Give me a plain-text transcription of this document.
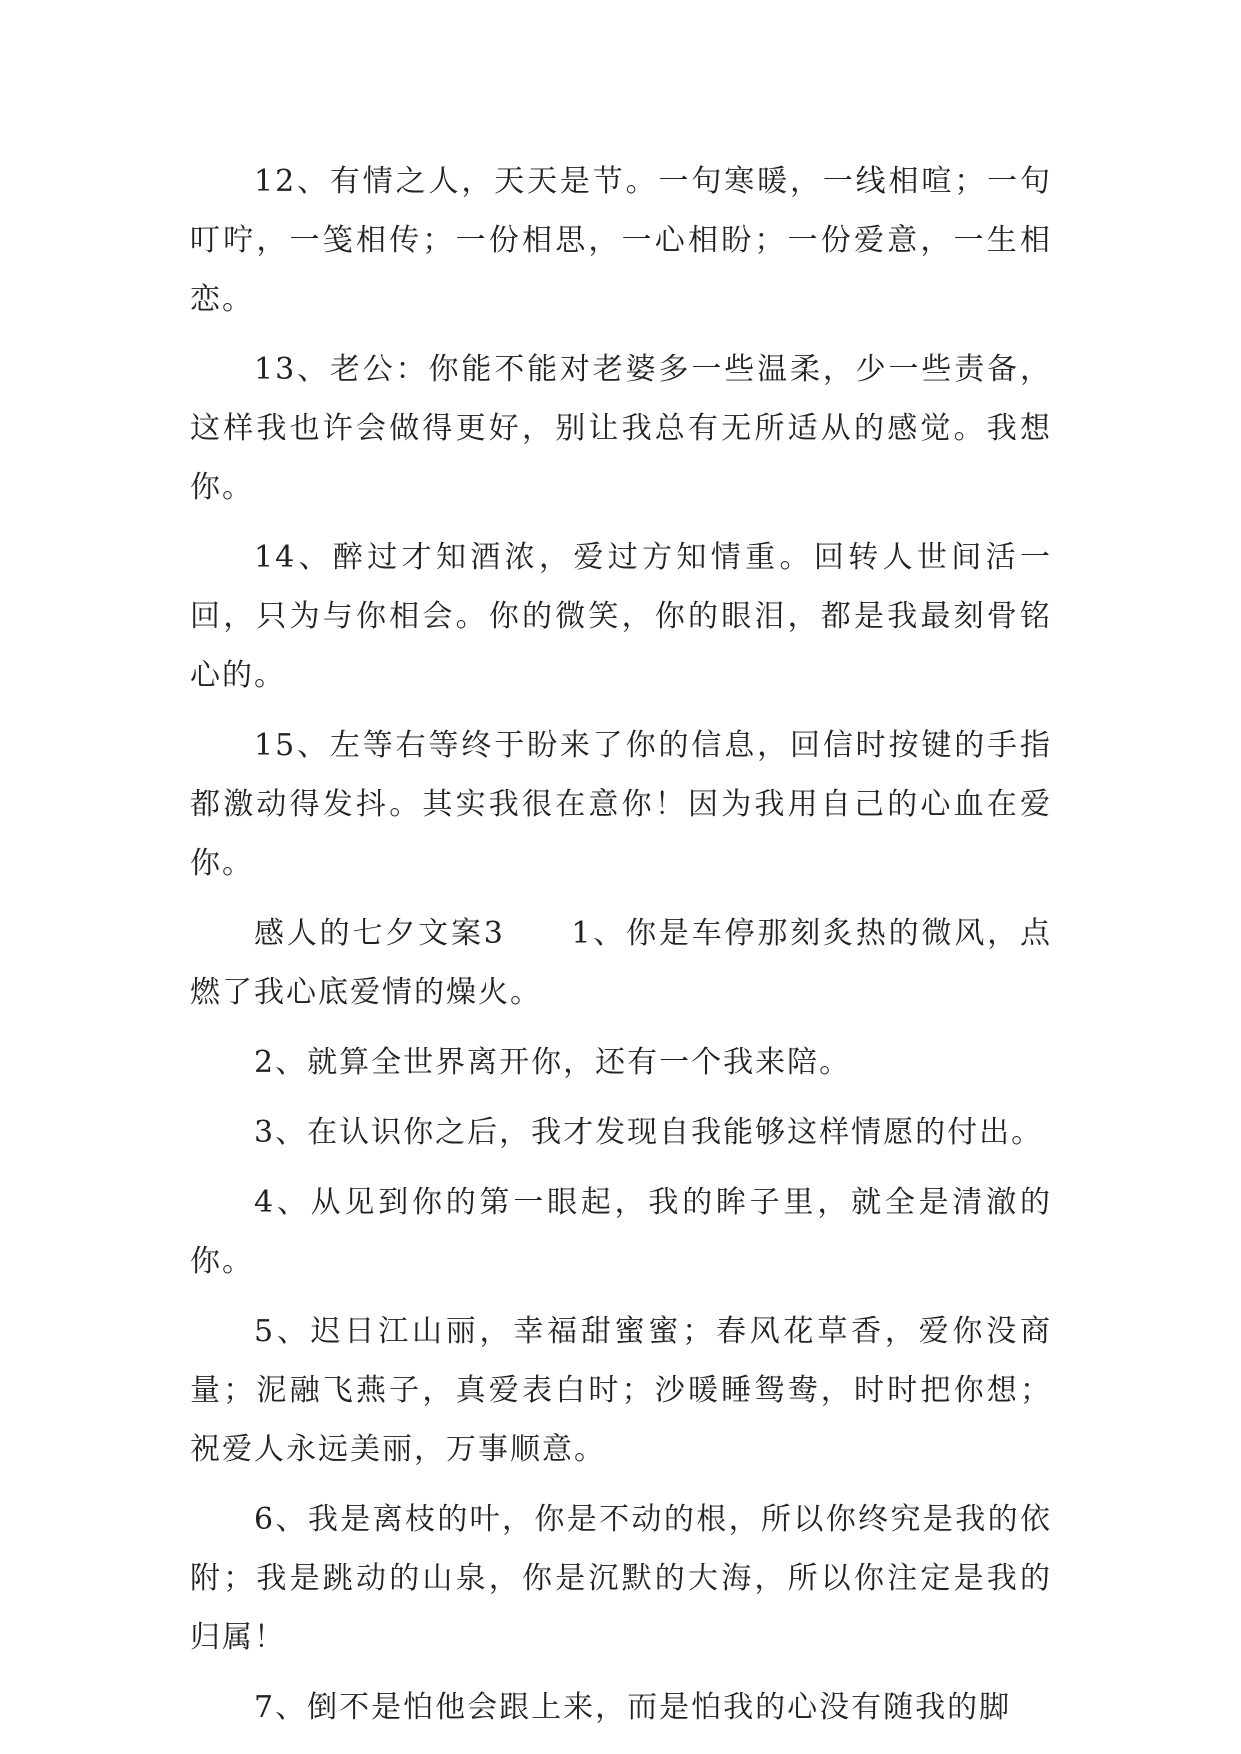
12、有情之人，天天是节。一句寒暖，一线相喧；一句叮咛，一笺相传；一份相思，一心相盼；一份爱意，一生相恋。

13、老公：你能不能对老婆多一些温柔，少一些责备，这样我也许会做得更好，别让我总有无所适从的感觉。我想你。

14、醉过才知酒浓，爱过方知情重。回转人世间活一回，只为与你相会。你的微笑，你的眼泪，都是我最刻骨铭心的。

15、左等右等终于盼来了你的信息，回信时按键的手指都激动得发抖。其实我很在意你！因为我用自己的心血在爱你。

感人的七夕文案3　　1、你是车停那刻炙热的微风，点燃了我心底爱情的燥火。

2、就算全世界离开你，还有一个我来陪。

3、在认识你之后，我才发现自我能够这样情愿的付出。

4、从见到你的第一眼起，我的眸子里，就全是清澈的你。

5、迟日江山丽，幸福甜蜜蜜；春风花草香，爱你没商量；泥融飞燕子，真爱表白时；沙暖睡鸳鸯，时时把你想；祝爱人永远美丽，万事顺意。

6、我是离枝的叶，你是不动的根，所以你终究是我的依附；我是跳动的山泉，你是沉默的大海，所以你注定是我的归属！

7、倒不是怕他会跟上来，而是怕我的心没有随我的脚
